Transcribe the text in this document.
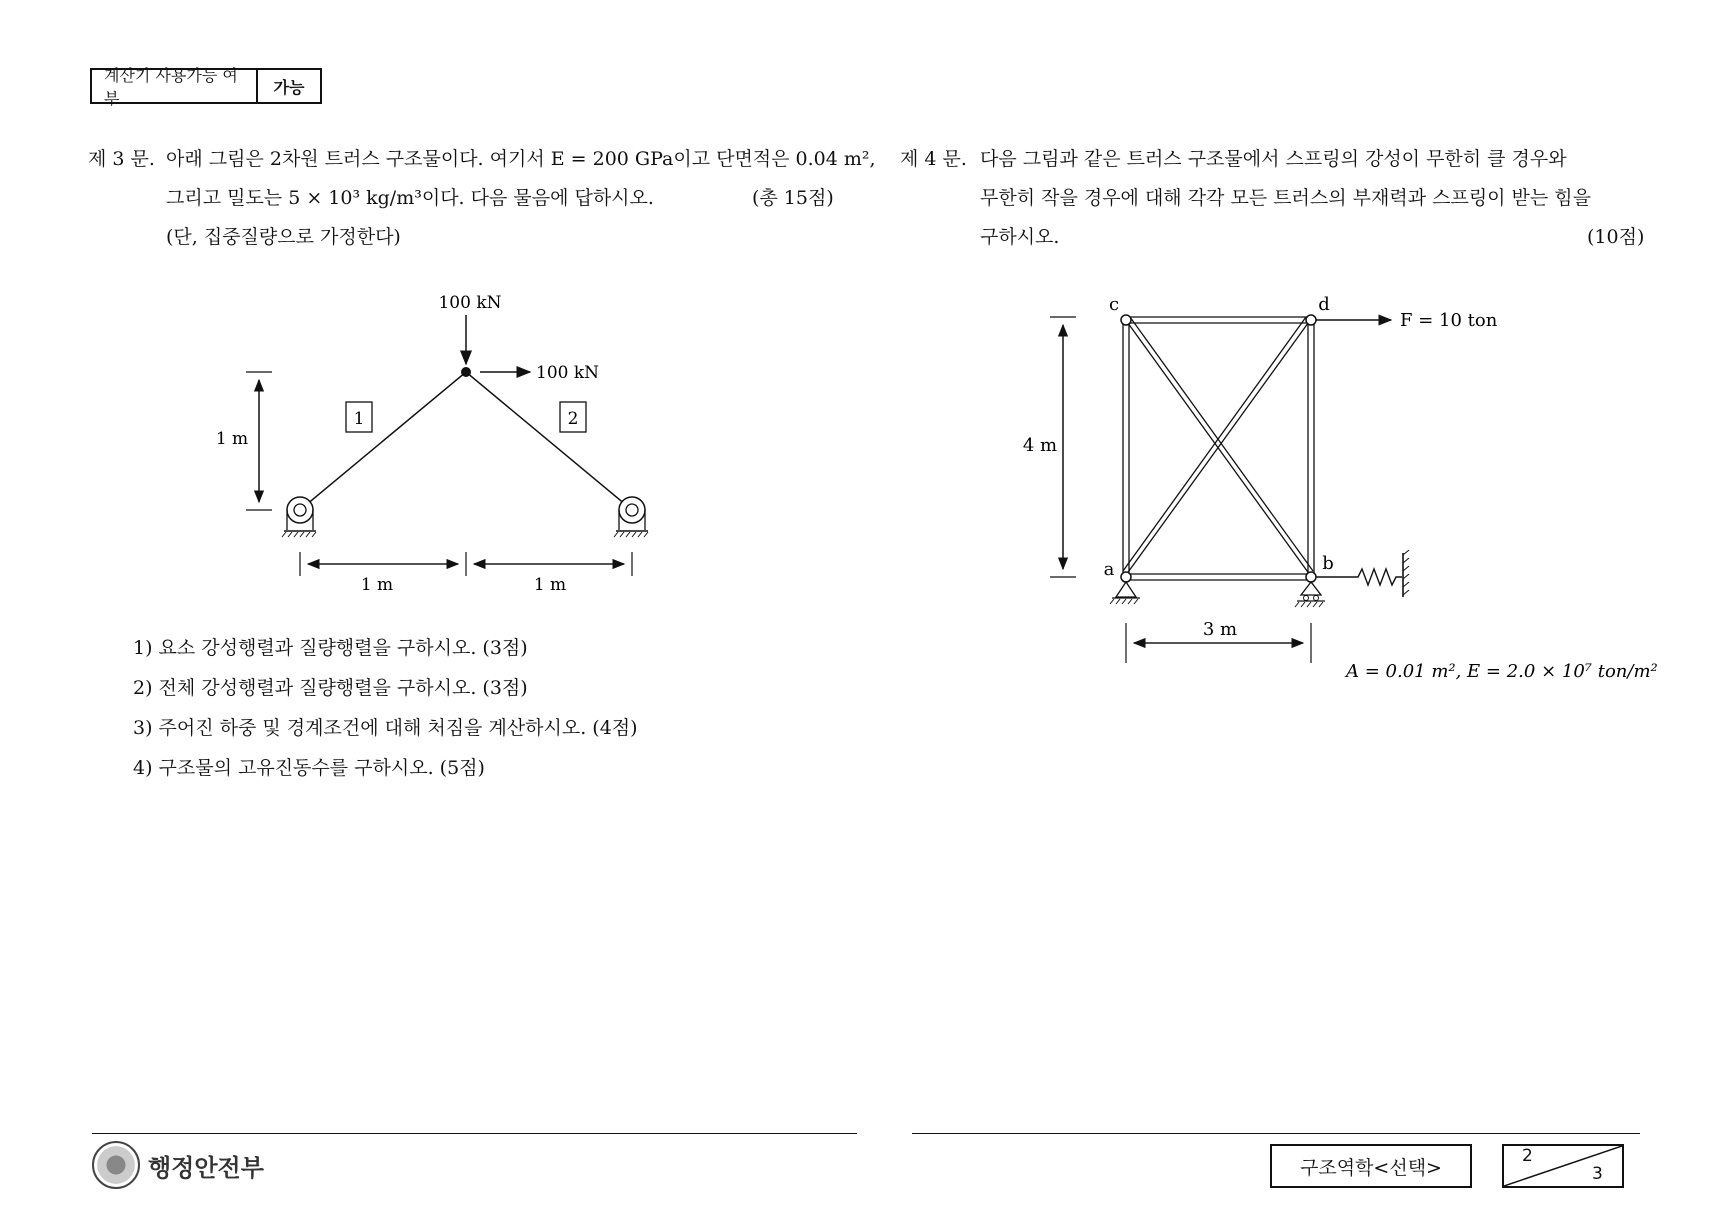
계산기 사용가능 여부
가능
제 3 문. 아래 그림은 2차원 트러스 구조물이다. 여기서 E = 200 GPa이고 단면적은 0.04 m²,
그리고 밀도는 5 × 10³ kg/m³이다. 다음 물음에 답하시오.	(총 15점)
(단, 집중질량으로 가정한다)
100 kN
100 kN
1	2
1 m
1 m	1 m
1) 요소 강성행렬과 질량행렬을 구하시오. (3점)
2) 전체 강성행렬과 질량행렬을 구하시오. (3점)
3) 주어진 하중 및 경계조건에 대해 처짐을 계산하시오. (4점)
4) 구조물의 고유진동수를 구하시오. (5점)
제 4 문. 다음 그림과 같은 트러스 구조물에서 스프링의 강성이 무한히 클 경우와
무한히 작을 경우에 대해 각각 모든 트러스의 부재력과 스프링이 받는 힘을
구하시오.	(10점)
c	d
a	b
F = 10 ton
4 m
3 m
A = 0.01 m², E = 2.0 × 10⁷ ton/m²
행정안전부	구조역학<선택>
2
3
